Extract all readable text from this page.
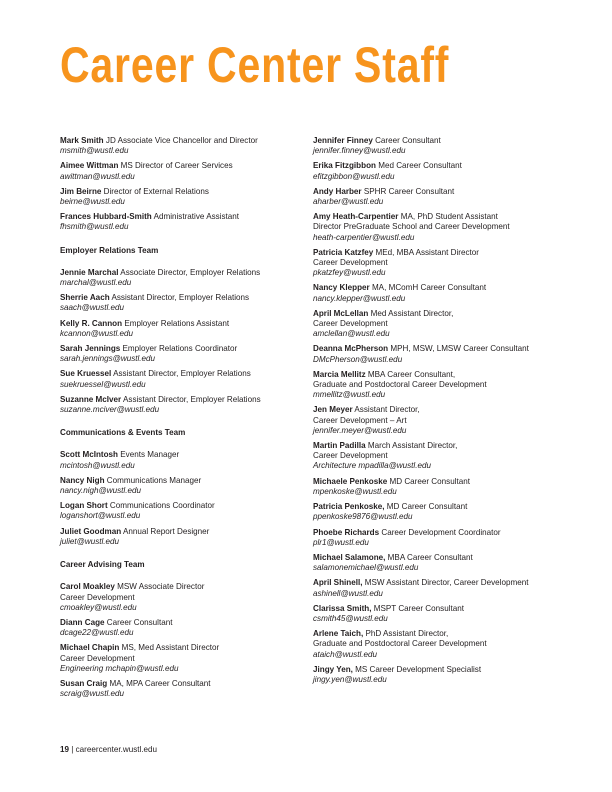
Career Center Staff
Mark Smith JD Associate Vice Chancellor and Director
msmith@wustl.edu
Aimee Wittman MS Director of Career Services
awittman@wustl.edu
Jim Beirne Director of External Relations
beirne@wustl.edu
Frances Hubbard-Smith Administrative Assistant
fhsmith@wustl.edu
Employer Relations Team
Jennie Marchal Associate Director, Employer Relations
marchal@wustl.edu
Sherrie Aach Assistant Director, Employer Relations
saach@wustl.edu
Kelly R. Cannon Employer Relations Assistant
kcannon@wustl.edu
Sarah Jennings Employer Relations Coordinator
sarah.jennings@wustl.edu
Sue Kruessel Assistant Director, Employer Relations
suekruessel@wustl.edu
Suzanne McIver Assistant Director, Employer Relations
suzanne.mciver@wustl.edu
Communications & Events Team
Scott McIntosh Events Manager
mcintosh@wustl.edu
Nancy Nigh Communications Manager
nancy.nigh@wustl.edu
Logan Short Communications Coordinator
loganshort@wustl.edu
Juliet Goodman Annual Report Designer
juliet@wustl.edu
Career Advising Team
Carol Moakley MSW Associate Director
Career Development
cmoakley@wustl.edu
Diann Cage Career Consultant
dcage22@wustl.edu
Michael Chapin MS, Med Assistant Director
Career Development
Engineering mchapin@wustl.edu
Susan Craig MA, MPA Career Consultant
scraig@wustl.edu
Jennifer Finney Career Consultant
jennifer.finney@wustl.edu
Erika Fitzgibbon Med Career Consultant
efitzgibbon@wustl.edu
Andy Harber SPHR Career Consultant
aharber@wustl.edu
Amy Heath-Carpentier MA, PhD Student Assistant
Director PreGraduate School and Career Development
heath-carpentier@wustl.edu
Patricia Katzfey MEd, MBA Assistant Director
Career Development
pkatzfey@wustl.edu
Nancy Klepper MA, MComH Career Consultant
nancy.klepper@wustl.edu
April McLellan Med Assistant Director,
Career Development
amclellan@wustl.edu
Deanna McPherson MPH, MSW, LMSW Career Consultant
DMcPherson@wustl.edu
Marcia Mellitz MBA Career Consultant,
Graduate and Postdoctoral Career Development
mmellitz@wustl.edu
Jen Meyer Assistant Director,
Career Development – Art
jennifer.meyer@wustl.edu
Martin Padilla March Assistant Director,
Career Development
Architecture mpadilla@wustl.edu
Michaele Penkoske MD Career Consultant
mpenkoske@wustl.edu
Patricia Penkoske, MD Career Consultant
ppenkoske9876@wustl.edu
Phoebe Richards Career Development Coordinator
plr1@wustl.edu
Michael Salamone, MBA Career Consultant
salamonemichael@wustl.edu
April Shinell, MSW Assistant Director, Career Development
ashinell@wustl.edu
Clarissa Smith, MSPT Career Consultant
csmith45@wustl.edu
Arlene Taich, PhD Assistant Director,
Graduate and Postdoctoral Career Development
ataich@wustl.edu
Jingy Yen, MS Career Development Specialist
jingy.yen@wustl.edu
19 | careercenter.wustl.edu
